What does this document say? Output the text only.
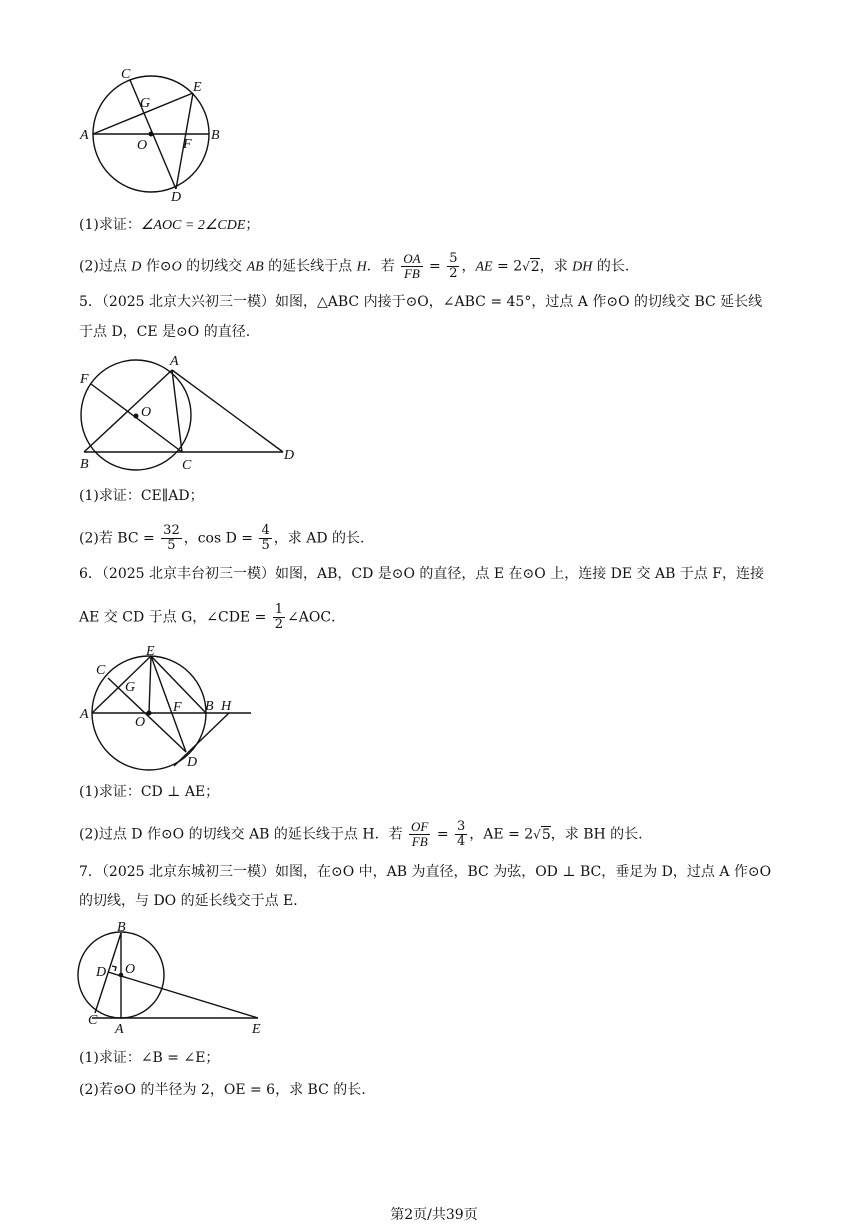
C
G
E
A
O	F
B
D
(1)求证：∠AOC = 2∠CDE；
(2)过点 D 作⊙O 的切线交 AB 的延长线于点 H．若 $\frac{OA}{FB} = \frac{5}{2}$ ，AE = 2√2，求 DH 的长.
5．（2025 北京大兴初三一模）如图，△ABC 内接于⊙O，∠ABC = 45°，过点 A 作⊙O 的切线交 BC 延长线
于点 D，CE 是⊙O 的直径.
F
A
O
B	C
D
(1)求证：CE∥AD；
(2)若 BC = $\frac{32}{5}$ ，$\cos D = \frac{4}{5}$ ，求 AD 的长.
6．（2025 北京丰台初三一模）如图，AB，CD 是⊙O 的直径，点 E 在⊙O 上，连接 DE 交 AB 于点 F，连接
AE 交 CD 于点 G，∠CDE = $\frac{1}{2}$ ∠AOC．
C
E
G
A
O
F B H
D
(1)求证：CD ⊥ AE；
(2)过点 D 作⊙O 的切线交 AB 的延长线于点 H．若 $\frac{OF}{FB} = \frac{3}{4}$ ，AE = 2√5，求 BH 的长.
7．（2025 北京东城初三一模）如图，在⊙O 中，AB 为直径，BC 为弦，OD ⊥ BC，垂足为 D，过点 A 作⊙O
的切线，与 DO 的延长线交于点 E．
B
D O
C
A	E
(1)求证：∠B = ∠E；
(2)若⊙O 的半径为 2，OE = 6，求 BC 的长.
第2页/共39页
